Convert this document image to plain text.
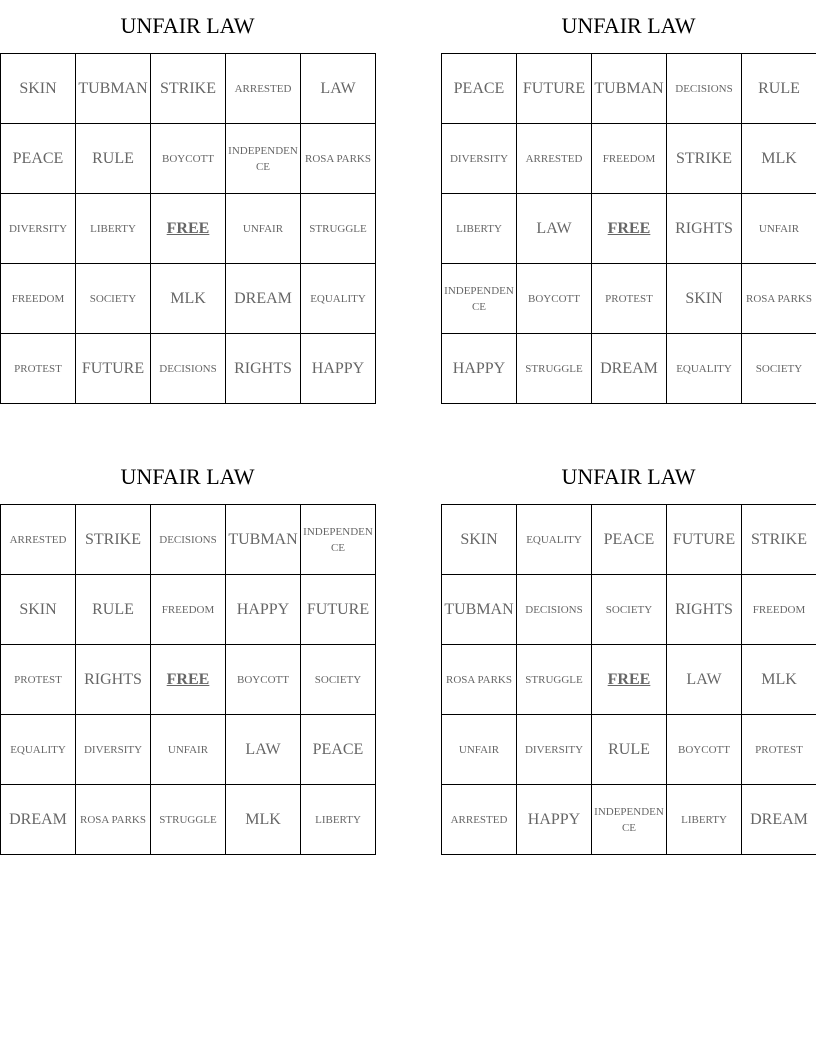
UNFAIR LAW
SKIN	TUBMAN	STRIKE	ARRESTED	LAW
PEACE	RULE	BOYCOTT	INDEPENDENCE	ROSA PARKS
DIVERSITY	LIBERTY	FREE	UNFAIR	STRUGGLE
FREEDOM	SOCIETY	MLK	DREAM	EQUALITY
PROTEST	FUTURE	DECISIONS	RIGHTS	HAPPY
UNFAIR LAW
PEACE	FUTURE	TUBMAN	DECISIONS	RULE
DIVERSITY	ARRESTED	FREEDOM	STRIKE	MLK
LIBERTY	LAW	FREE	RIGHTS	UNFAIR
INDEPENDENCE	BOYCOTT	PROTEST	SKIN	ROSA PARKS
HAPPY	STRUGGLE	DREAM	EQUALITY	SOCIETY
UNFAIR LAW
ARRESTED	STRIKE	DECISIONS	TUBMAN	INDEPENDENCE
SKIN	RULE	FREEDOM	HAPPY	FUTURE
PROTEST	RIGHTS	FREE	BOYCOTT	SOCIETY
EQUALITY	DIVERSITY	UNFAIR	LAW	PEACE
DREAM	ROSA PARKS	STRUGGLE	MLK	LIBERTY
UNFAIR LAW
SKIN	EQUALITY	PEACE	FUTURE	STRIKE
TUBMAN	DECISIONS	SOCIETY	RIGHTS	FREEDOM
ROSA PARKS	STRUGGLE	FREE	LAW	MLK
UNFAIR	DIVERSITY	RULE	BOYCOTT	PROTEST
ARRESTED	HAPPY	INDEPENDENCE	LIBERTY	DREAM
